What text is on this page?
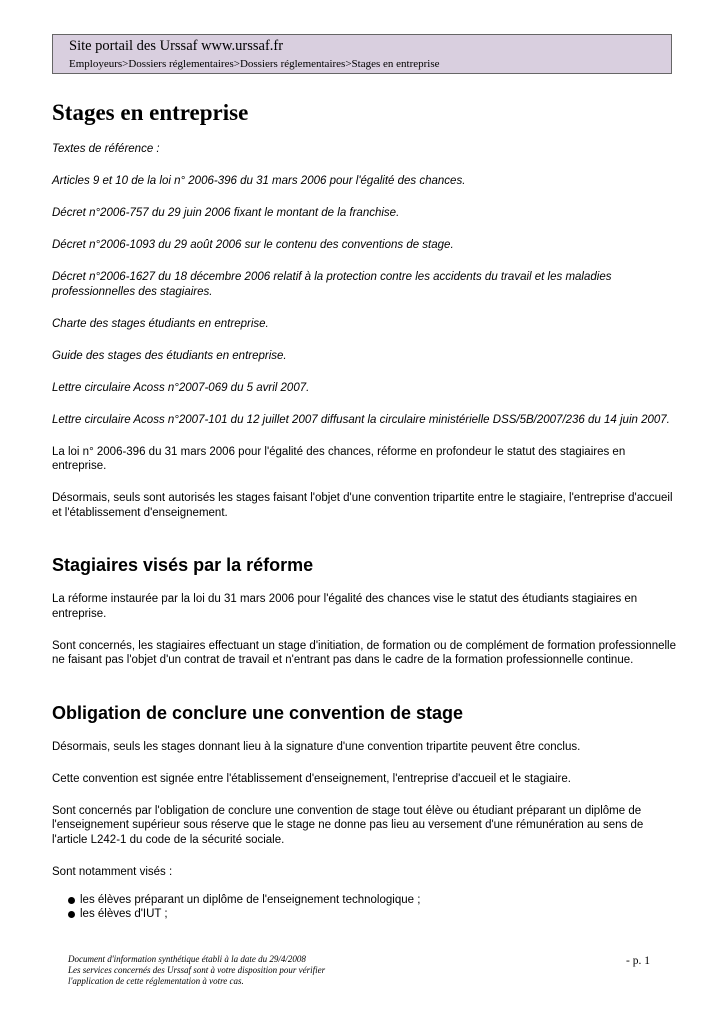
Site portail des Urssaf www.urssaf.fr
Employeurs>Dossiers réglementaires>Dossiers réglementaires>Stages en entreprise
Stages en entreprise

Textes de référence :

Articles 9 et 10 de la loi n° 2006-396 du 31 mars 2006 pour l'égalité des chances.

Décret n°2006-757 du 29 juin 2006 fixant le montant de la franchise.

Décret n°2006-1093 du 29 août 2006 sur le contenu des conventions de stage.

Décret n°2006-1627 du 18 décembre 2006 relatif à la protection contre les accidents du travail et les maladies professionnelles des stagiaires.

Charte des stages étudiants en entreprise.

Guide des stages des étudiants en entreprise.

Lettre circulaire Acoss n°2007-069 du 5 avril 2007.

Lettre circulaire Acoss n°2007-101 du 12 juillet 2007 diffusant la circulaire ministérielle DSS/5B/2007/236 du 14 juin 2007.

La loi n° 2006-396 du 31 mars 2006 pour l'égalité des chances, réforme en profondeur le statut des stagiaires en entreprise.

Désormais, seuls sont autorisés les stages faisant l'objet d'une convention tripartite entre le stagiaire, l'entreprise d'accueil et l'établissement d'enseignement.

Stagiaires visés par la réforme

La réforme instaurée par la loi du 31 mars 2006 pour l'égalité des chances vise le statut des étudiants stagiaires en entreprise.

Sont concernés, les stagiaires effectuant un stage d'initiation, de formation ou de complément de formation professionnelle ne faisant pas l'objet d'un contrat de travail et n'entrant pas dans le cadre de la formation professionnelle continue.

Obligation de conclure une convention de stage

Désormais, seuls les stages donnant lieu à la signature d'une convention tripartite peuvent être conclus.

Cette convention est signée entre l'établissement d'enseignement, l'entreprise d'accueil et le stagiaire.

Sont concernés par l'obligation de conclure une convention de stage tout élève ou étudiant préparant un diplôme de l'enseignement supérieur sous réserve que le stage ne donne pas lieu au versement d'une rémunération au sens de l'article L242-1 du code de la sécurité sociale.

Sont notamment visés :

les élèves préparant un diplôme de l'enseignement technologique ;
les élèves d'IUT ;
Document d'information synthétique établi à la date du 29/4/2008
Les services concernés des Urssaf sont à votre disposition pour vérifier
l'application de cette réglementation à votre cas.
- p. 1
